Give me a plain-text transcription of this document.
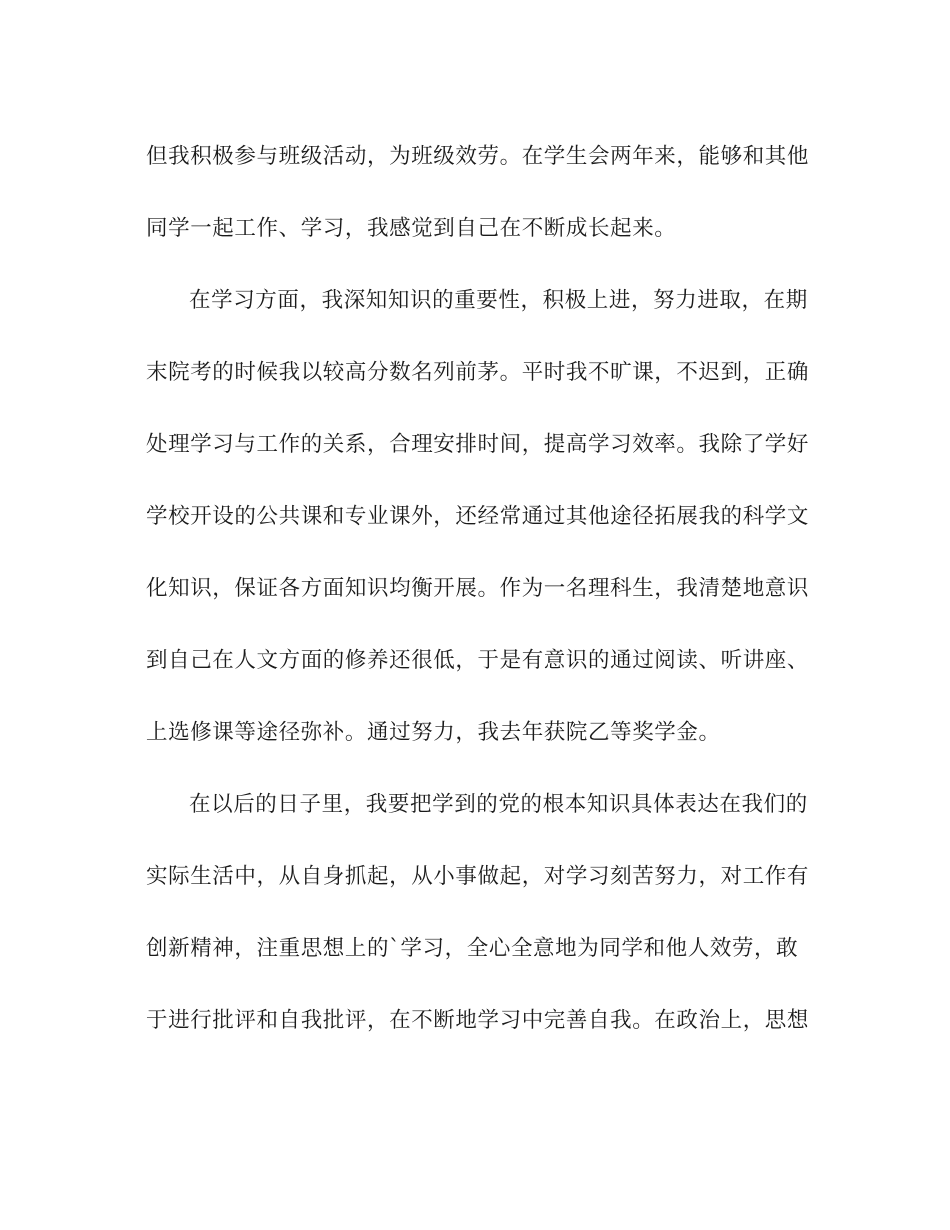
但我积极参与班级活动，为班级效劳。在学生会两年来，能够和其他
同学一起工作、学习，我感觉到自己在不断成长起来。
在学习方面，我深知知识的重要性，积极上进，努力进取，在期
末院考的时候我以较高分数名列前茅。平时我不旷课，不迟到，正确
处理学习与工作的关系，合理安排时间，提高学习效率。我除了学好
学校开设的公共课和专业课外，还经常通过其他途径拓展我的科学文
化知识，保证各方面知识均衡开展。作为一名理科生，我清楚地意识
到自己在人文方面的修养还很低，于是有意识的通过阅读、听讲座、
上选修课等途径弥补。通过努力，我去年获院乙等奖学金。
在以后的日子里，我要把学到的党的根本知识具体表达在我们的
实际生活中，从自身抓起，从小事做起，对学习刻苦努力，对工作有
创新精神，注重思想上的`学习，全心全意地为同学和他人效劳，敢
于进行批评和自我批评，在不断地学习中完善自我。在政治上，思想
